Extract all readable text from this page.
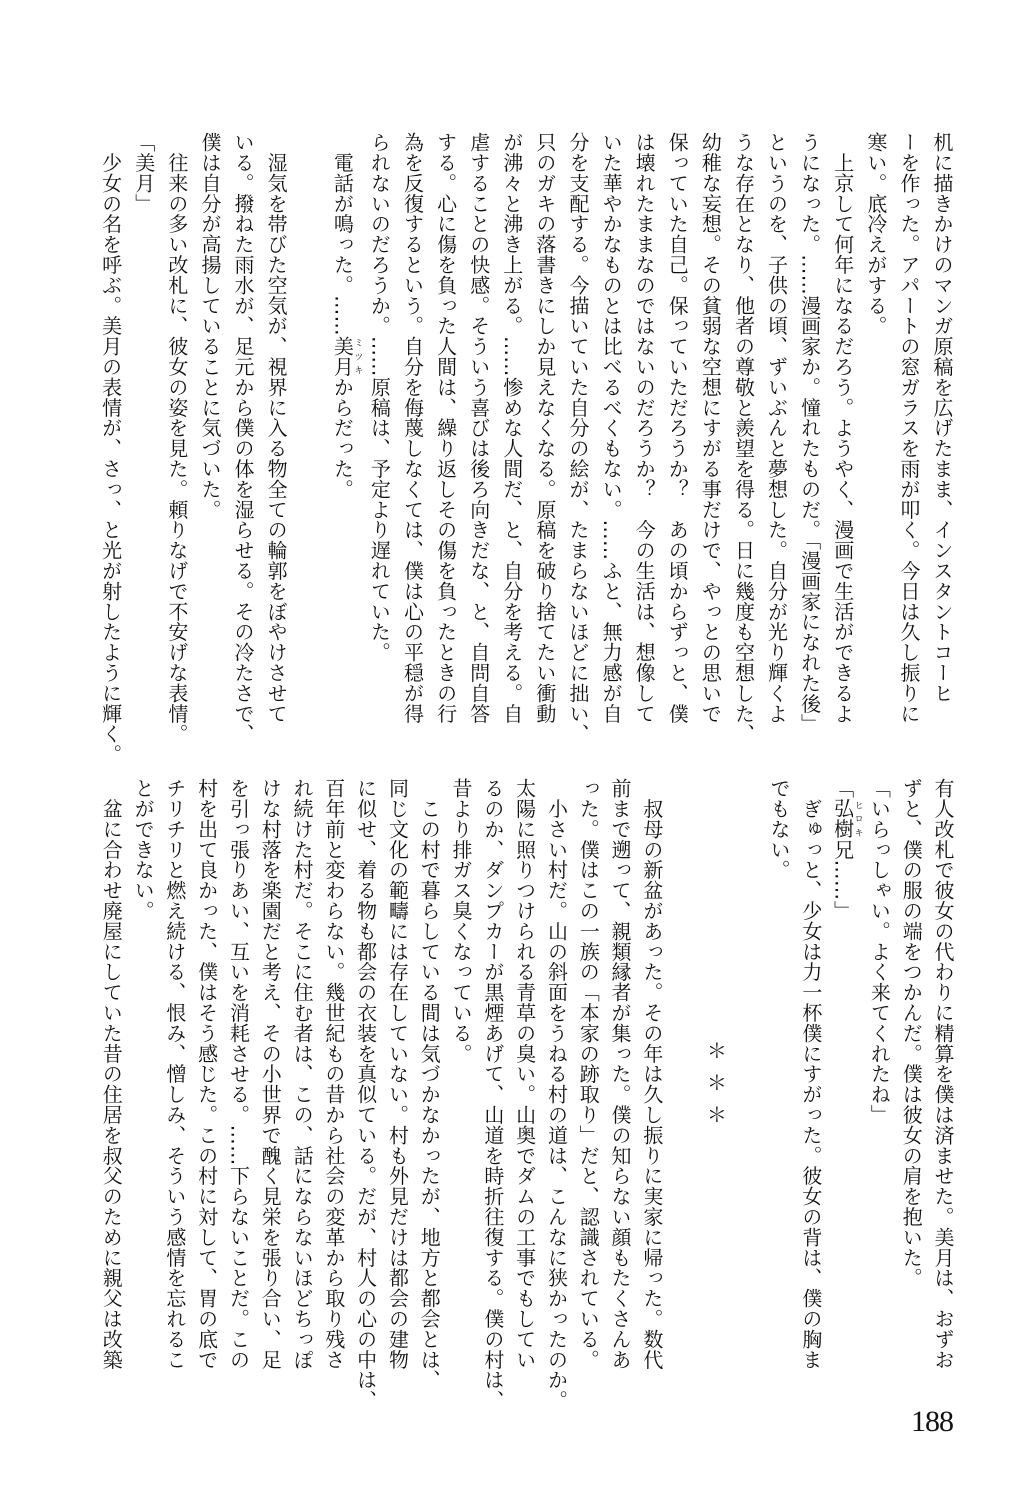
机に描きかけのマンガ原稿を広げたまま、インスタントコーヒ
ーを作った。アパートの窓ガラスを雨が叩く。今日は久し振りに
寒い。底冷えがする。
　上京して何年になるだろう。ようやく、漫画で生活ができるよ
うになった。……漫画家か。憧れたものだ。「漫画家になれた後」
というのを、子供の頃、ずいぶんと夢想した。自分が光り輝くよ
うな存在となり、他者の尊敬と羨望を得る。日に幾度も空想した、
幼稚な妄想。その貧弱な空想にすがる事だけで、やっとの思いで
保っていた自己。保っていただろうか？　あの頃からずっと、僕
は壊れたままなのではないのだろうか？　今の生活は、想像して
いた華やかなものとは比べるべくもない。……ふと、無力感が自
分を支配する。今描いていた自分の絵が、たまらないほどに拙い、
只のガキの落書きにしか見えなくなる。原稿を破り捨てたい衝動
が沸々と沸き上がる。……惨めな人間だ、と、自分を考える。自
虐することの快感。そういう喜びは後ろ向きだな、と、自問自答
する。心に傷を負った人間は、繰り返しその傷を負ったときの行
為を反復するという。自分を侮蔑しなくては、僕は心の平穏が得
られないのだろうか。……原稿は、予定より遅れていた。
　電話が鳴った。……美月ミツキからだった。

　湿気を帯びた空気が、視界に入る物全ての輪郭をぼやけさせて
いる。撥ねた雨水が、足元から僕の体を湿らせる。その冷たさで、
僕は自分が高揚していることに気づいた。
　往来の多い改札に、彼女の姿を見た。頼りなげで不安げな表情。
「美月」
　少女の名を呼ぶ。美月の表情が、さっ、と光が射したように輝く。
有人改札で彼女の代わりに精算を僕は済ませた。美月は、おずお
ずと、僕の服の端をつかんだ。僕は彼女の肩を抱いた。
「いらっしゃい。よく来てくれたね」
「弘樹ヒロキ兄……」
　ぎゅっと、少女は力一杯僕にすがった。彼女の背は、僕の胸ま
でもない。

＊＊＊

　叔母の新盆があった。その年は久し振りに実家に帰った。数代
前まで遡って、親類縁者が集った。僕の知らない顔もたくさんあ
った。僕はこの一族の「本家の跡取り」だと、認識されている。
　小さい村だ。山の斜面をうねる村の道は、こんなに狭かったのか。
太陽に照りつけられる青草の臭い。山奥でダムの工事でもしてい
るのか、ダンプカーが黒煙あげて、山道を時折往復する。僕の村は、
昔より排ガス臭くなっている。
　この村で暮らしている間は気づかなかったが、地方と都会とは、
同じ文化の範疇には存在していない。村も外見だけは都会の建物
に似せ、着る物も都会の衣装を真似ている。だが、村人の心の中は、
百年前と変わらない。幾世紀もの昔から社会の変革から取り残さ
れ続けた村だ。そこに住む者は、この、話にならないほどちっぽ
けな村落を楽園だと考え、その小世界で醜く見栄を張り合い、足
を引っ張りあい、互いを消耗させる。……下らないことだ。この
村を出て良かった、僕はそう感じた。この村に対して、胃の底で
チリチリと燃え続ける、恨み、憎しみ、そういう感情を忘れるこ
とができない。
　盆に合わせ廃屋にしていた昔の住居を叔父のために親父は改築
188
